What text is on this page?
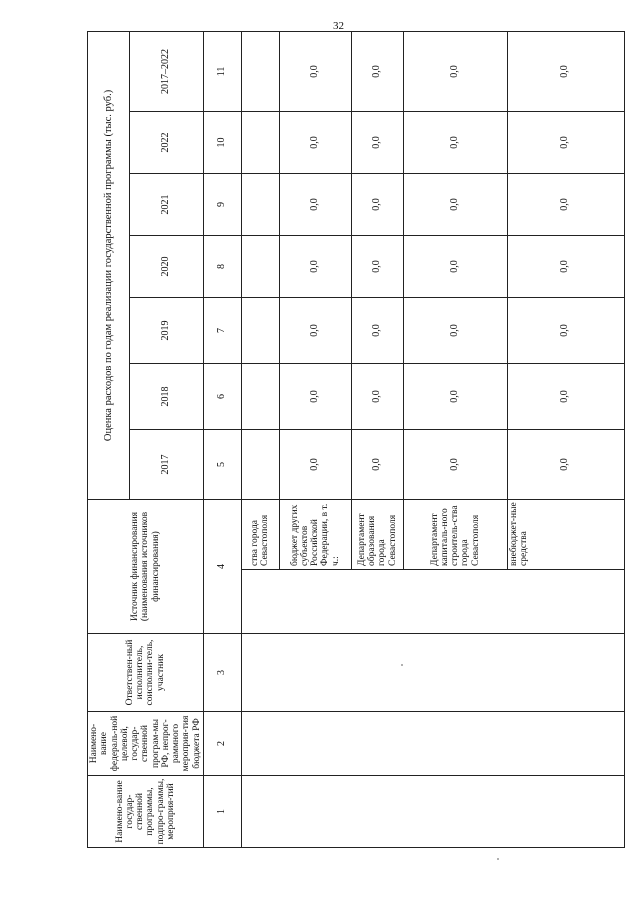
32
Наимено-вание государ-ственной программы, подпро-граммы, мероприя-тий	Наимено-вание федераль-ной целевой, государ-ственной програм-мы РФ, непрог-раммного мероприя-тия бюджета РФ	Ответствен-ный исполнитель, соисполни-тель, участник	Источник финансирования (наименования источников финансирования)		Оценка расходов по годам реализации государственной программы (тыс. руб.)						
					2017	2018	2019	2020	2021	2022	2017–2022
1	2	3	4		5	6	7	8	9	10	11
				ства города Севастополя							
				бюджет других субъектов Российской Федерации, в т. ч.:	0,0	0,0	0,0	0,0	0,0	0,0	0,0
				Департамент образования города Севастополя	0,0	0,0	0,0	0,0	0,0	0,0	0,0
				Департамент капиталь-ного строитель-ства города Севастополя	0,0	0,0	0,0	0,0	0,0	0,0	0,0
				внебюджет-ные средства	0,0	0,0	0,0	0,0	0,0	0,0	0,0
